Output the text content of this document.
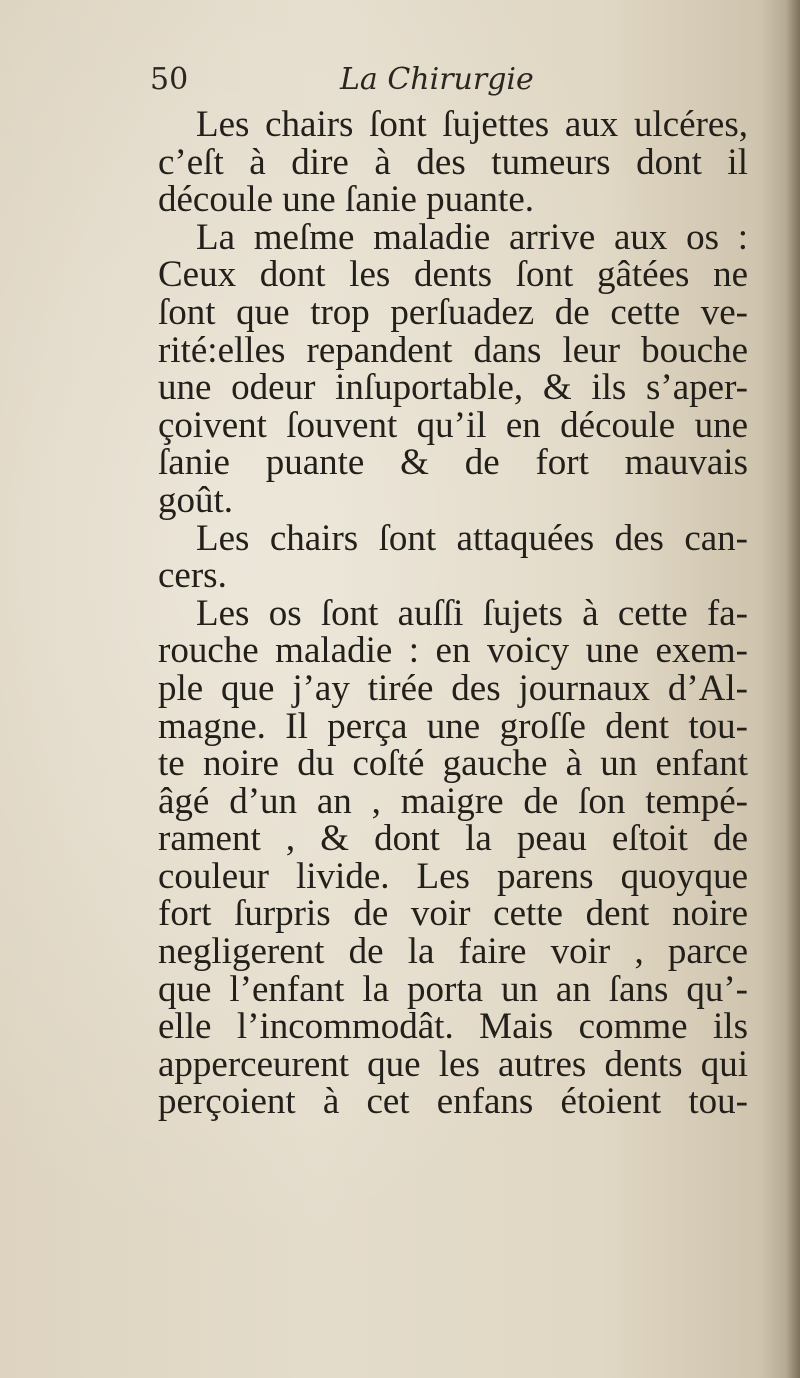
50	La Chirurgie
Les chairs ſont ſujettes aux ulcéres,
c’eſt à dire à des tumeurs dont il
découle une ſanie puante.
La meſme maladie arrive aux os :
Ceux dont les dents ſont gâtées ne
ſont que trop perſuadez de cette ve-
rité:elles repandent dans leur bouche
une odeur inſuportable, & ils s’aper-
çoivent ſouvent qu’il en découle une
ſanie puante & de fort mauvais
goût.
Les chairs ſont attaquées des can-
cers.
Les os ſont auſſi ſujets à cette fa-
rouche maladie : en voicy une exem-
ple que j’ay tirée des journaux d’Al-
magne. Il perça une groſſe dent tou-
te noire du coſté gauche à un enfant
âgé d’un an , maigre de ſon tempé-
rament , & dont la peau eſtoit de
couleur livide. Les parens quoyque
fort ſurpris de voir cette dent noire
negligerent de la faire voir , parce
que l’enfant la porta un an ſans qu’-
elle l’incommodât. Mais comme ils
apperceurent que les autres dents qui
perçoient à cet enfans étoient tou-
